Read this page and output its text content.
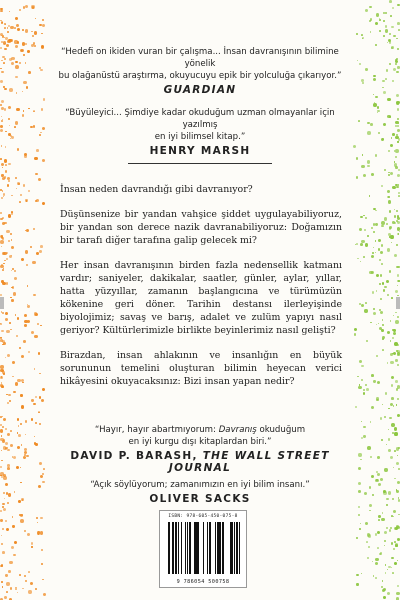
“Hedefi on ikiden vuran bir çalışma... İnsan davranışının bilimine yönelik
bu olağanüstü araştırma, okuyucuyu epik bir yolculuğa çıkarıyor.”
GUARDIAN
“Büyüleyici... Şimdiye kadar okuduğum uzman olmayanlar için yazılmış
en iyi bilimsel kitap.”
HENRY MARSH

İnsan neden davrandığı gibi davranıyor?

Düşünsenize bir yandan vahşice şiddet uygulayabiliyoruz, bir yandan son derece nazik davranabiliyoruz: Doğamızın bir tarafı diğer tarafına galip gelecek mi?

Her insan davranışının birden fazla nedensellik katmanı vardır; saniyeler, dakikalar, saatler, günler, aylar, yıllar, hatta yüzyıllar, zamanın başlangıcına ve türümüzün kökenine geri döner. Tarihin destansı ilerleyişinde biyolojimiz; savaş ve barış, adalet ve zulüm yapıyı nasıl geriyor? Kültürlerimizle birlikte beyinlerimiz nasıl gelişti?

Birazdan, insan ahlakının ve insanlığın en büyük sorununun temelini oluşturan bilimin heyecan verici hikâyesini okuyacaksınız: Bizi insan yapan nedir?

“Hayır, hayır abartmıyorum: Davranış okuduğum
en iyi kurgu dışı kitaplardan biri.”
DAVID P. BARASH, THE WALL STREET JOURNAL
“Açık söylüyorum; zamanımızın en iyi bilim insanı.”
OLIVER SACKS
ISBN: 978-605-450-075-8
9 786054 500758
